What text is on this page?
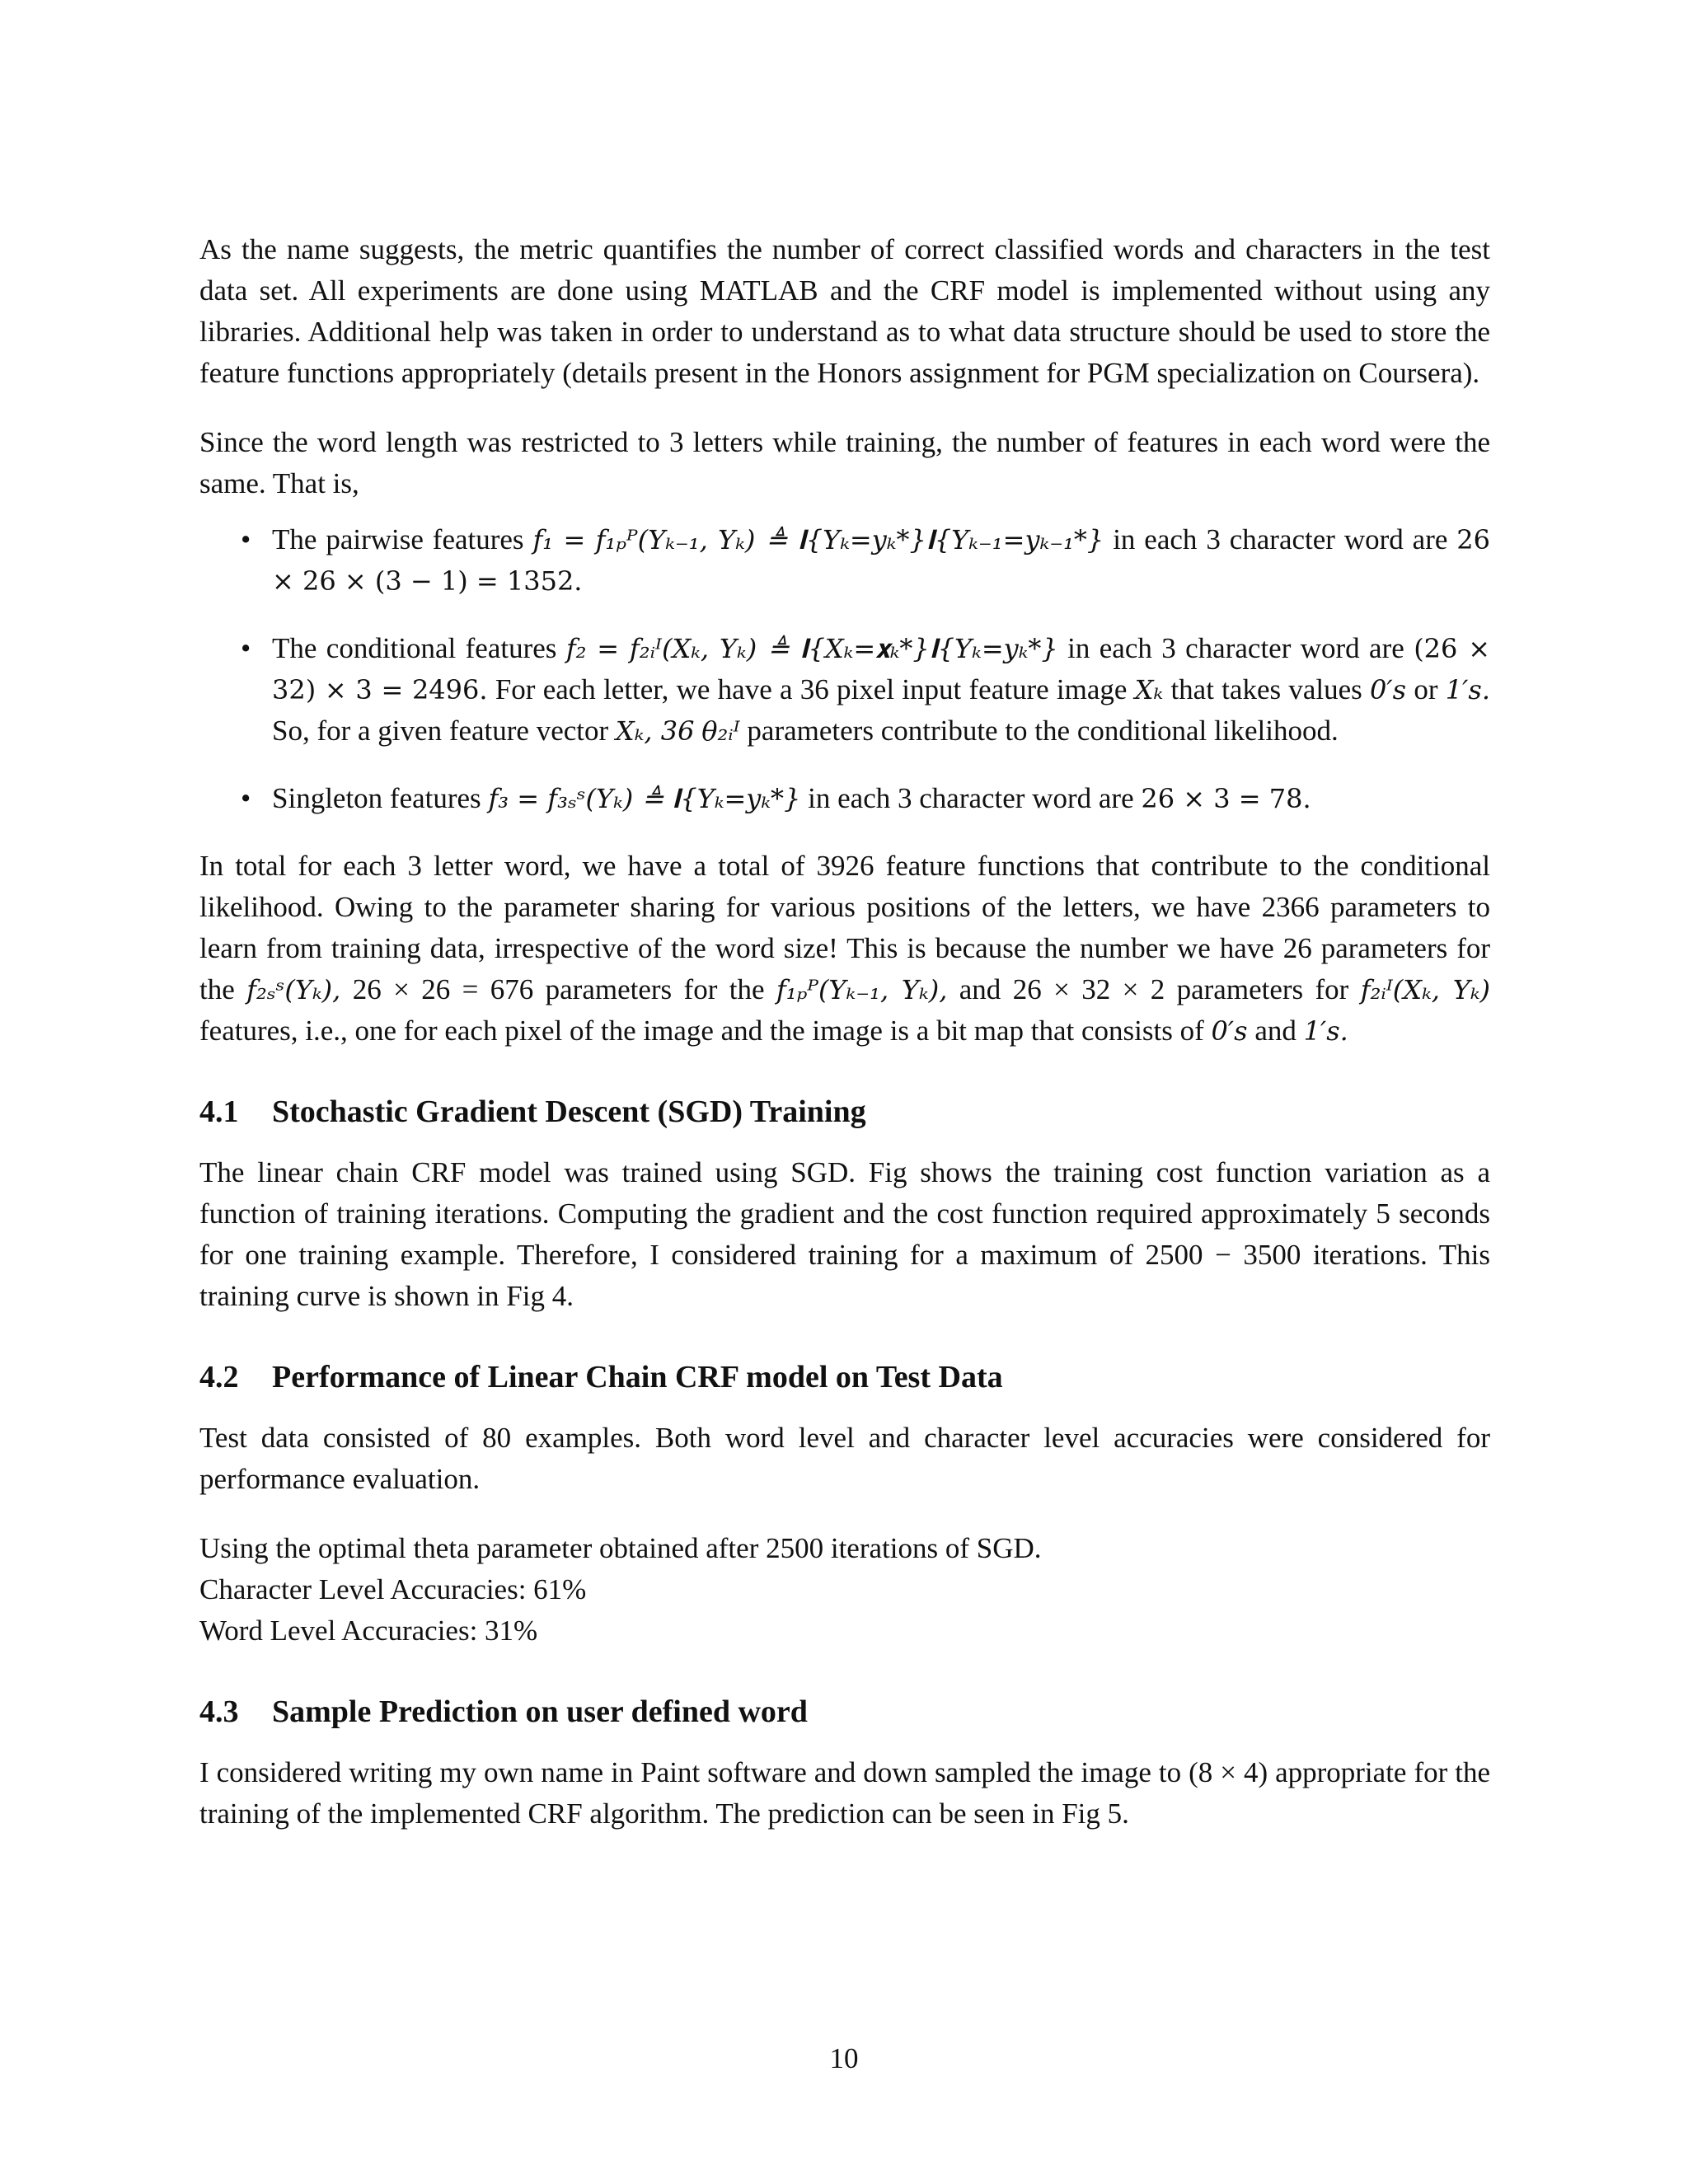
As the name suggests, the metric quantifies the number of correct classified words and characters in the test data set. All experiments are done using MATLAB and the CRF model is implemented without using any libraries. Additional help was taken in order to understand as to what data structure should be used to store the feature functions appropriately (details present in the Honors assignment for PGM specialization on Coursera).

Since the word length was restricted to 3 letters while training, the number of features in each word were the same. That is,

• The pairwise features f₁ = f₁ₚᴾ(Yₖ₋₁, Yₖ) ≜ 𝐈{Yₖ=yₖ*}𝐈{Yₖ₋₁=yₖ₋₁*} in each 3 character word are 26 × 26 × (3 − 1) = 1352.
• The conditional features f₂ = f₂ᵢᴵ(Xₖ, Yₖ) ≜ 𝐈{Xₖ=𝐱ₖ*}𝐈{Yₖ=yₖ*} in each 3 character word are (26 × 32) × 3 = 2496. For each letter, we have a 36 pixel input feature image Xₖ that takes values 0′s or 1′s. So, for a given feature vector Xₖ, 36 θ₂ᵢᴵ parameters contribute to the conditional likelihood.
• Singleton features f₃ = f₃ₛˢ(Yₖ) ≜ 𝐈{Yₖ=yₖ*} in each 3 character word are 26 × 3 = 78.

In total for each 3 letter word, we have a total of 3926 feature functions that contribute to the conditional likelihood. Owing to the parameter sharing for various positions of the letters, we have 2366 parameters to learn from training data, irrespective of the word size! This is because the number we have 26 parameters for the f₂ₛˢ(Yₖ), 26 × 26 = 676 parameters for the f₁ₚᴾ(Yₖ₋₁, Yₖ), and 26 × 32 × 2 parameters for f₂ᵢᴵ(Xₖ, Yₖ) features, i.e., one for each pixel of the image and the image is a bit map that consists of 0′s and 1′s.

4.1 Stochastic Gradient Descent (SGD) Training

The linear chain CRF model was trained using SGD. Fig shows the training cost function variation as a function of training iterations. Computing the gradient and the cost function required approximately 5 seconds for one training example. Therefore, I considered training for a maximum of 2500 − 3500 iterations. This training curve is shown in Fig 4.

4.2 Performance of Linear Chain CRF model on Test Data

Test data consisted of 80 examples. Both word level and character level accuracies were considered for performance evaluation.

Using the optimal theta parameter obtained after 2500 iterations of SGD.
Character Level Accuracies: 61%
Word Level Accuracies: 31%
4.3 Sample Prediction on user defined word

I considered writing my own name in Paint software and down sampled the image to (8 × 4) appropriate for the training of the implemented CRF algorithm. The prediction can be seen in Fig 5.

10
